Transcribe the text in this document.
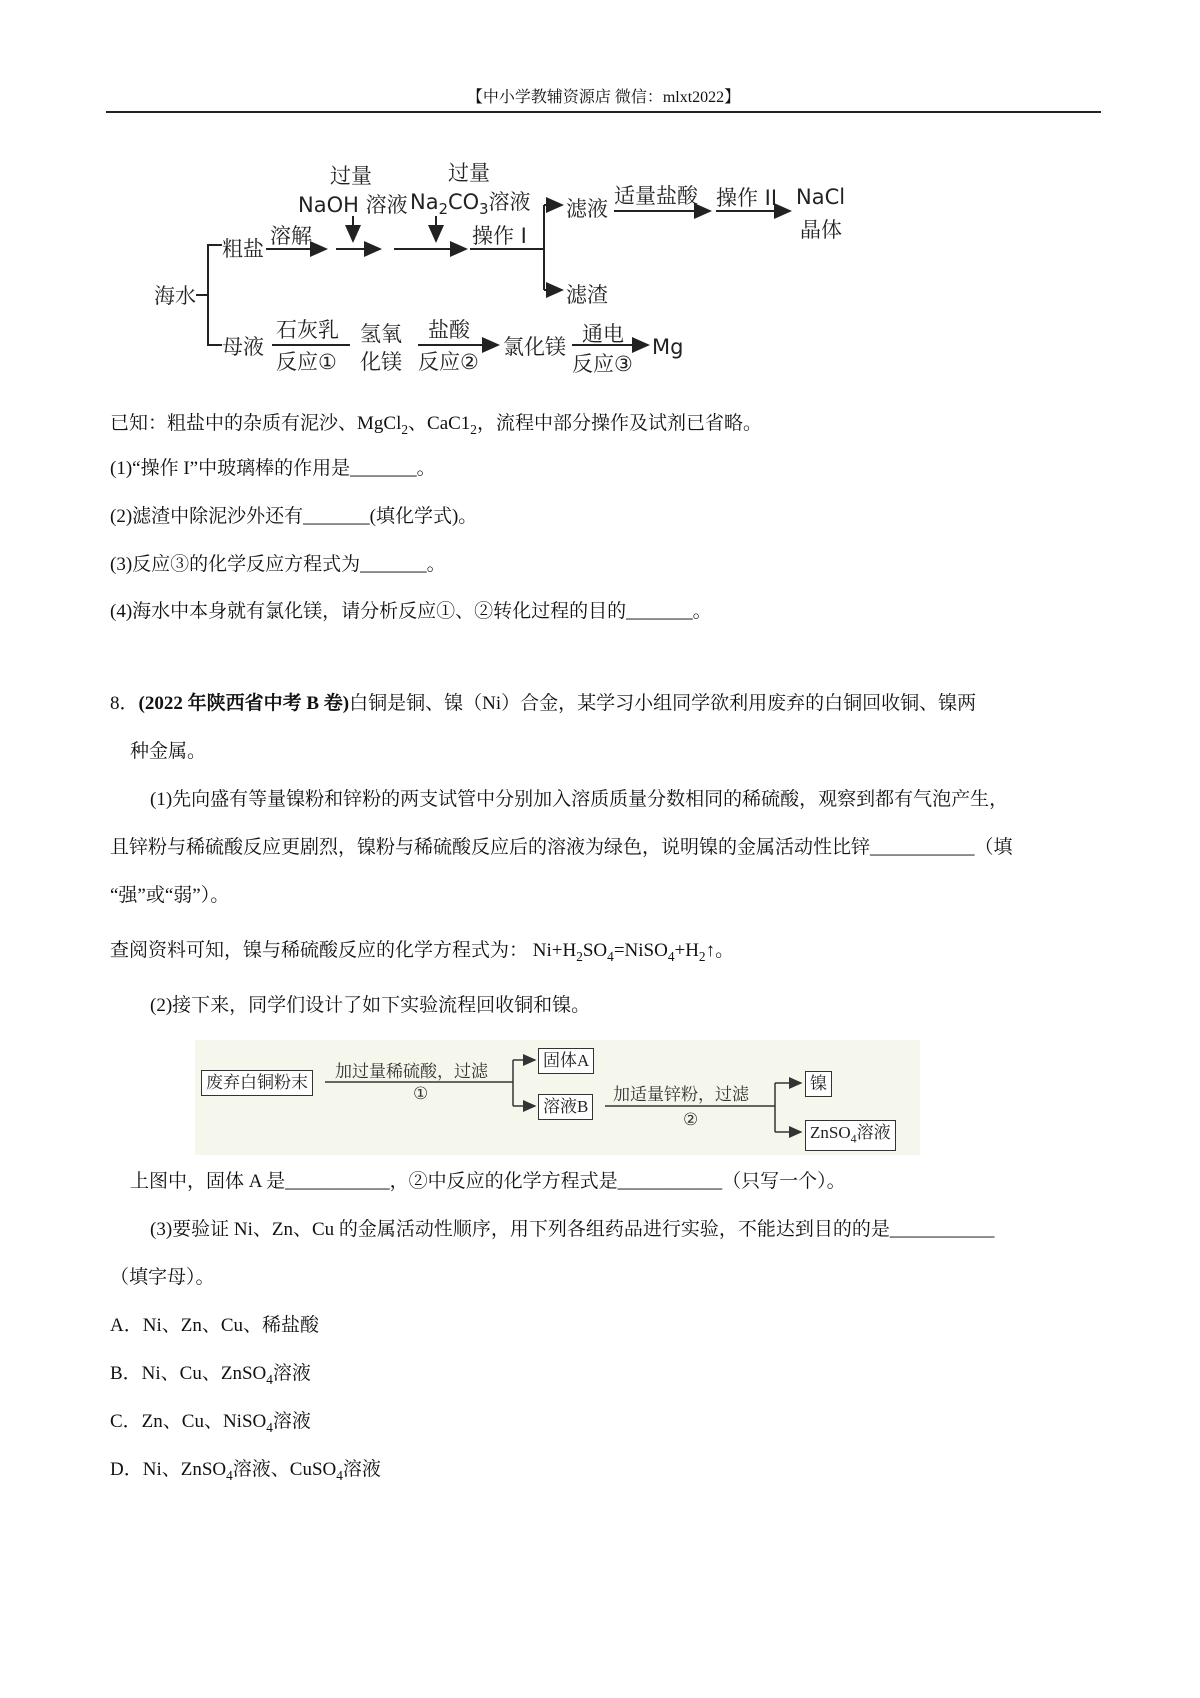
【中小学教辅资源店 微信：mlxt2022】
海水
粗盐
母液
溶解
过量
NaOH 溶液
过量
$Na_2CO_3$溶液
操作 I
滤液
滤渣
适量盐酸 操作 II NaCl
晶体
石灰乳
反应①
氢氧
化镁
盐酸
反应②
氯化镁
通电
反应③
Mg
已知：粗盐中的杂质有泥沙、MgCl$_2$、$CaC1_2$，流程中部分操作及试剂已省略。
(1)“操作 I”中玻璃棒的作用是_______。
(2)滤渣中除泥沙外还有_______(填化学式)。
(3)反应③的化学反应方程式为_______。
(4)海水中本身就有氯化镁，请分析反应①、②转化过程的目的_______。
8．(2022 年陕西省中考 B 卷)白铜是铜、镍（Ni）合金，某学习小组同学欲利用废弃的白铜回收铜、镍两
种金属。
(1)先向盛有等量镍粉和锌粉的两支试管中分别加入溶质质量分数相同的稀硫酸，观察到都有气泡产生，
且锌粉与稀硫酸反应更剧烈，镍粉与稀硫酸反应后的溶液为绿色，说明镍的金属活动性比锌___________（填
“强”或“弱”）。
查阅资料可知，镍与稀硫酸反应的化学方程式为： $Ni+H_2SO_4=NiSO_4+H_2↑$。
(2)接下来，同学们设计了如下实验流程回收铜和镍。
废弃白铜粉末
加过量稀硫酸，过滤
①
固体A
溶液B
加适量锌粉，过滤
②
镍
ZnSO$_4$溶液
上图中，固体 A 是___________，②中反应的化学方程式是___________（只写一个）。
(3)要验证 Ni、Zn、Cu 的金属活动性顺序，用下列各组药品进行实验，不能达到目的的是___________
（填字母）。
A．Ni、Zn、Cu、稀盐酸
B．Ni、Cu、ZnSO$_4$溶液
C．Zn、Cu、NiSO$_4$溶液
D．Ni、ZnSO$_4$溶液、CuSO$_4$溶液
